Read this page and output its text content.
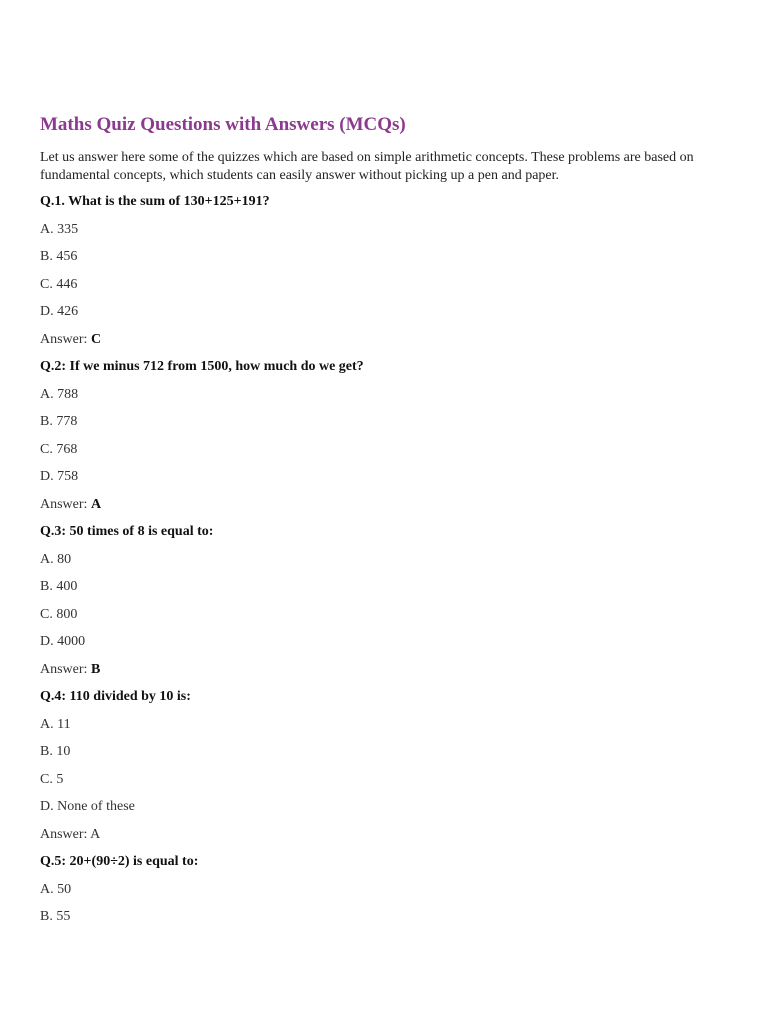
Maths Quiz Questions with Answers (MCQs)

Let us answer here some of the quizzes which are based on simple arithmetic concepts. These problems are based on fundamental concepts, which students can easily answer without picking up a pen and paper.

Q.1. What is the sum of 130+125+191?

A. 335

B. 456

C. 446

D. 426

Answer: C

Q.2: If we minus 712 from 1500, how much do we get?

A. 788

B. 778

C. 768

D. 758

Answer: A

Q.3: 50 times of 8 is equal to:

A. 80

B. 400

C. 800

D. 4000

Answer: B

Q.4: 110 divided by 10 is:

A. 11

B. 10

C. 5

D. None of these

Answer: A

Q.5: 20+(90÷2) is equal to:

A. 50

B. 55
